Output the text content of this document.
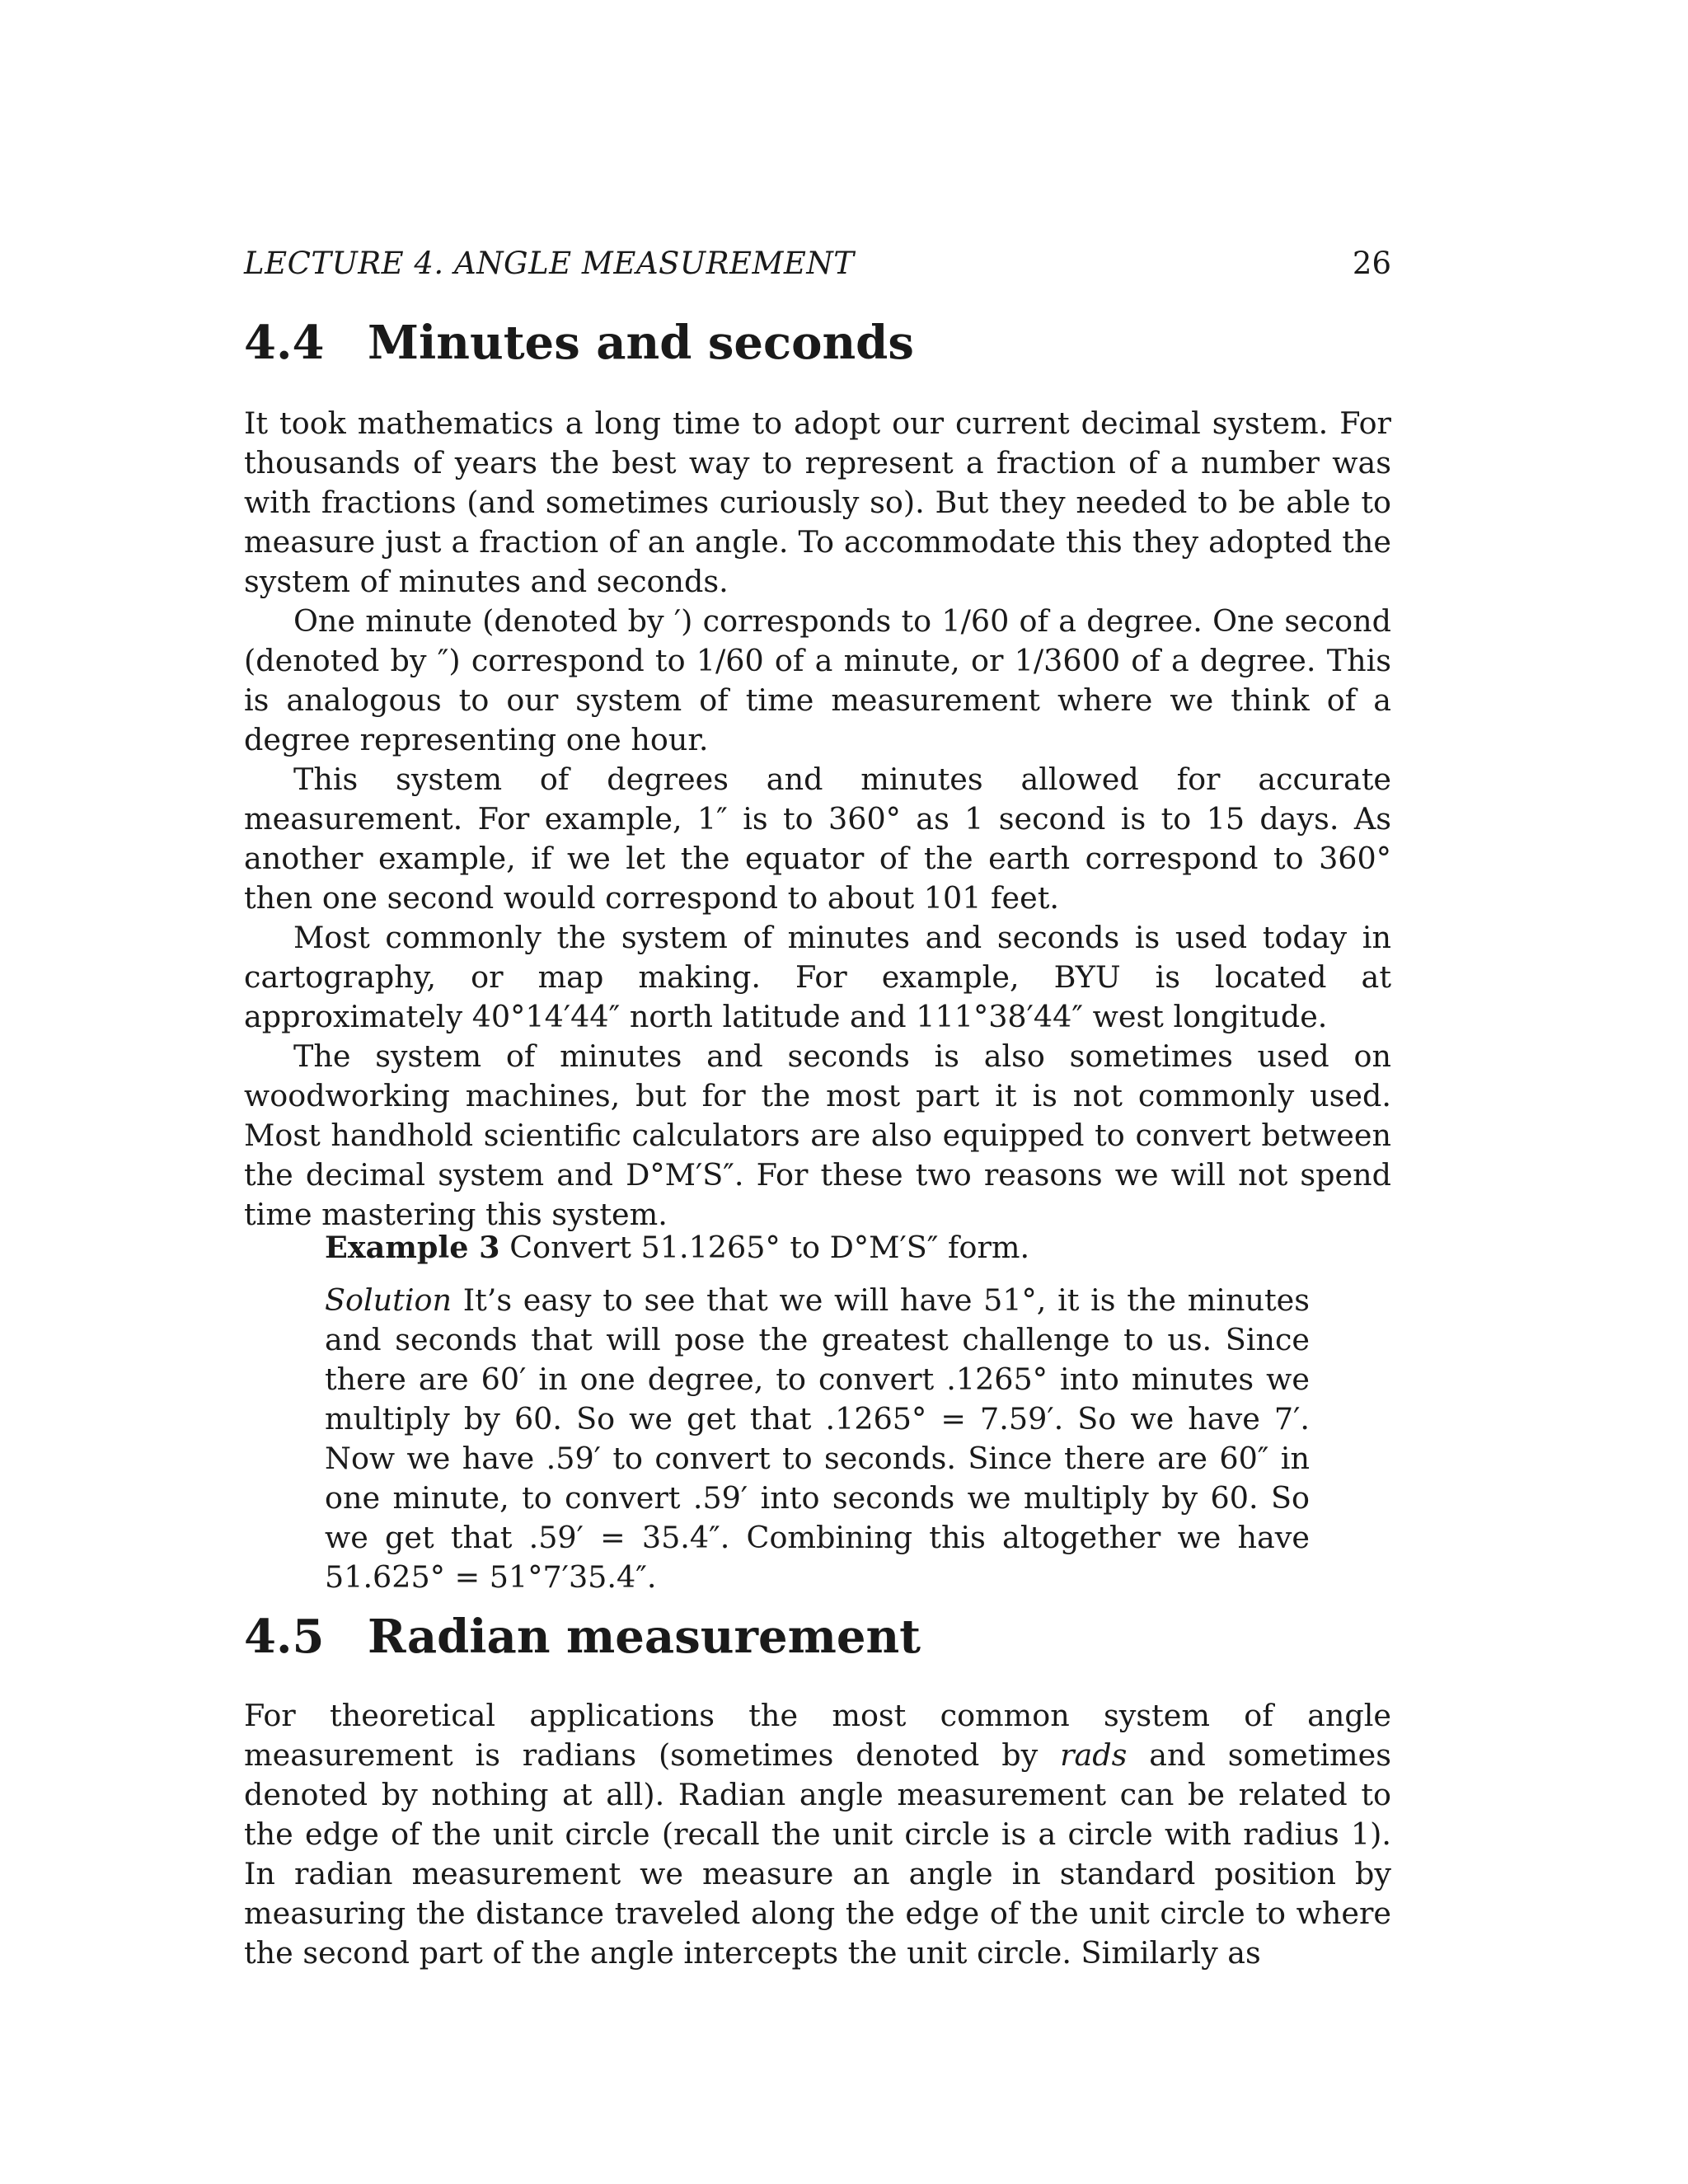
LECTURE 4. ANGLE MEASUREMENT	26
4.4 Minutes and seconds

It took mathematics a long time to adopt our current decimal system. For thousands of years the best way to represent a fraction of a number was with fractions (and sometimes curiously so). But they needed to be able to measure just a fraction of an angle. To accommodate this they adopted the system of minutes and seconds.

One minute (denoted by ′) corresponds to 1/60 of a degree. One second (denoted by ″) correspond to 1/60 of a minute, or 1/3600 of a degree. This is analogous to our system of time measurement where we think of a degree representing one hour.

This system of degrees and minutes allowed for accurate measurement. For example, 1″ is to 360° as 1 second is to 15 days. As another example, if we let the equator of the earth correspond to 360° then one second would correspond to about 101 feet.

Most commonly the system of minutes and seconds is used today in cartography, or map making. For example, BYU is located at approximately 40°14′44″ north latitude and 111°38′44″ west longitude.

The system of minutes and seconds is also sometimes used on woodworking machines, but for the most part it is not commonly used. Most handhold scientific calculators are also equipped to convert between the decimal system and D°M′S″. For these two reasons we will not spend time mastering this system.

Example 3 Convert 51.1265° to D°M′S″ form.

Solution It’s easy to see that we will have 51°, it is the minutes and seconds that will pose the greatest challenge to us. Since there are 60′ in one degree, to convert .1265° into minutes we multiply by 60. So we get that .1265° = 7.59′. So we have 7′. Now we have .59′ to convert to seconds. Since there are 60″ in one minute, to convert .59′ into seconds we multiply by 60. So we get that .59′ = 35.4″. Combining this altogether we have 51.625° = 51°7′35.4″.

4.5 Radian measurement

For theoretical applications the most common system of angle measurement is radians (sometimes denoted by rads and sometimes denoted by nothing at all). Radian angle measurement can be related to the edge of the unit circle (recall the unit circle is a circle with radius 1). In radian measurement we measure an angle in standard position by measuring the distance traveled along the edge of the unit circle to where the second part of the angle intercepts the unit circle. Similarly as
